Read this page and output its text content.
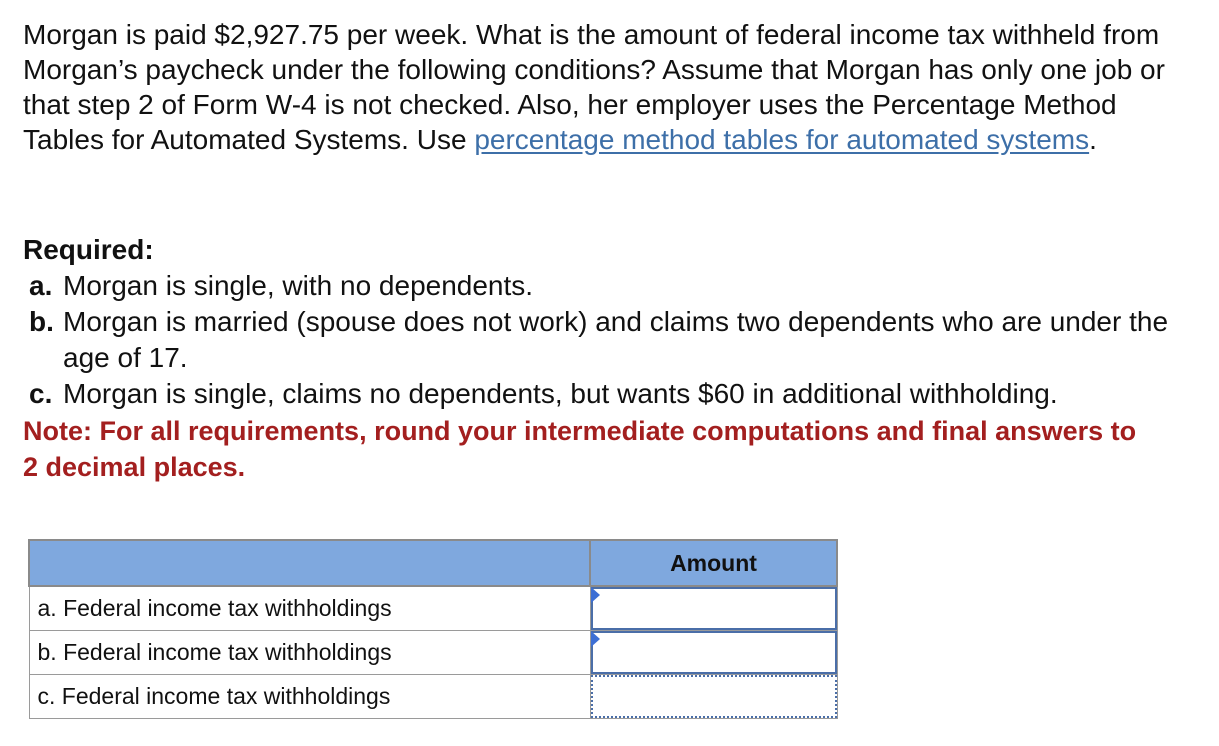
Morgan is paid $2,927.75 per week. What is the amount of federal income tax withheld from Morgan’s paycheck under the following conditions? Assume that Morgan has only one job or that step 2 of Form W-4 is not checked. Also, her employer uses the Percentage Method Tables for Automated Systems. Use percentage method tables for automated systems.

Required:

a. Morgan is single, with no dependents.
b. Morgan is married (spouse does not work) and claims two dependents who are under the age of 17.
c. Morgan is single, claims no dependents, but wants $60 in additional withholding.
Note: For all requirements, round your intermediate computations and final answers to 2 decimal places.
	Amount
a. Federal income tax withholdings	

b. Federal income tax withholdings	

c. Federal income tax withholdings	
